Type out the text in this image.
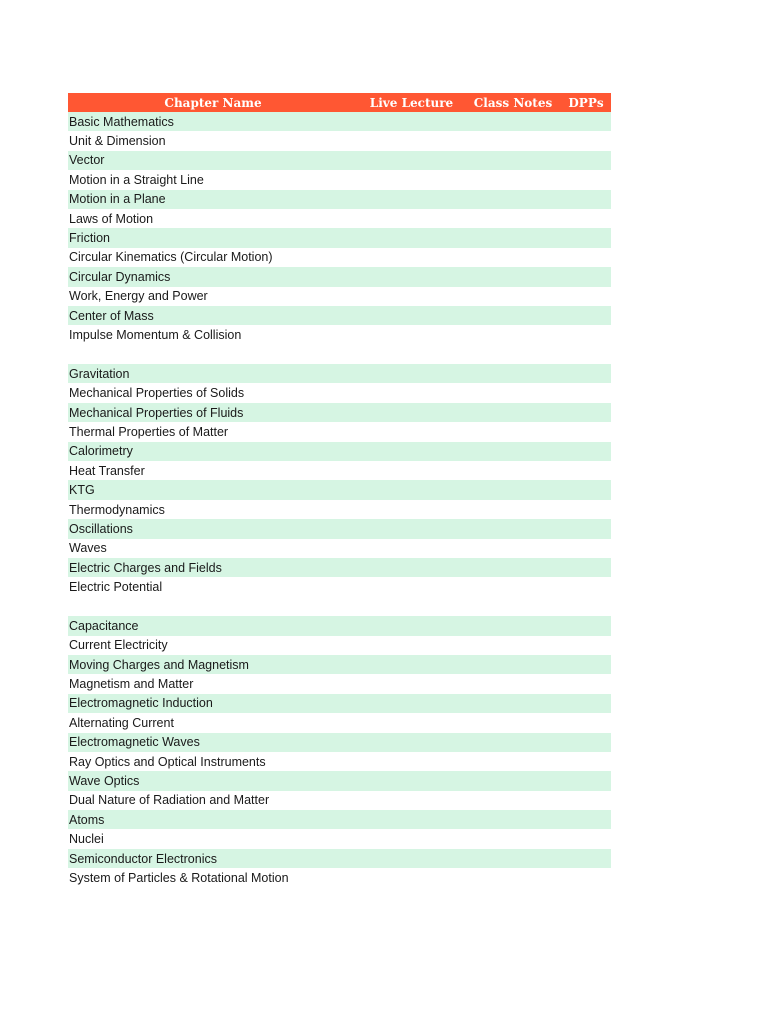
Chapter Name	Live Lecture	Class Notes	DPPs
Basic Mathematics
Unit & Dimension
Vector
Motion in a Straight Line
Motion in a Plane
Laws of Motion
Friction
Circular Kinematics (Circular Motion)
Circular Dynamics
Work, Energy and Power
Center of Mass
Impulse Momentum & Collision
Gravitation
Mechanical Properties of Solids
Mechanical Properties of Fluids
Thermal Properties of Matter
Calorimetry
Heat Transfer
KTG
Thermodynamics
Oscillations
Waves
Electric Charges and Fields
Electric Potential
Capacitance
Current Electricity
Moving Charges and Magnetism
Magnetism and Matter
Electromagnetic Induction
Alternating Current
Electromagnetic Waves
Ray Optics and Optical Instruments
Wave Optics
Dual Nature of Radiation and Matter
Atoms
Nuclei
Semiconductor Electronics
System of Particles & Rotational Motion
